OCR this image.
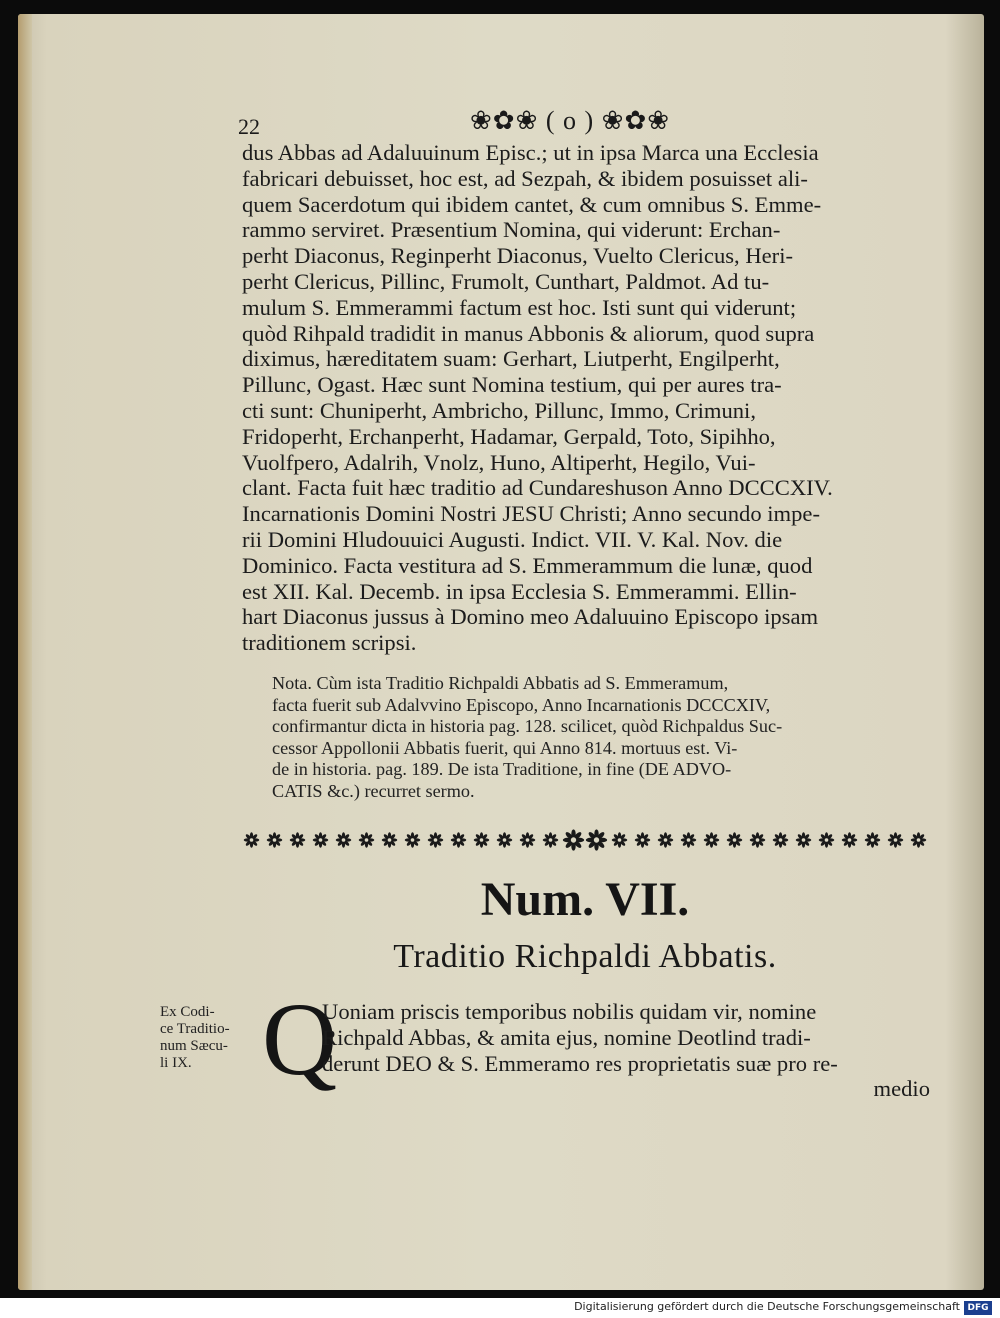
22	❀✿❀ ( o ) ❀✿❀

dus Abbas ad Adaluuinum Episc.; ut in ipsa Marca una Ecclesia

fabricari debuisset, hoc est, ad Sezpah, & ibidem posuisset ali-

quem Sacerdotum qui ibidem cantet, & cum omnibus S. Emme-

rammo serviret. Præsentium Nomina, qui viderunt: Erchan-

perht Diaconus, Reginperht Diaconus, Vuelto Clericus, Heri-

perht Clericus, Pillinc, Frumolt, Cunthart, Paldmot. Ad tu-

mulum S. Emmerammi factum est hoc. Isti sunt qui viderunt;

quòd Rihpald tradidit in manus Abbonis & aliorum, quod supra

diximus, hæreditatem suam: Gerhart, Liutperht, Engilperht,

Pillunc, Ogast. Hæc sunt Nomina testium, qui per aures tra-

cti sunt: Chuniperht, Ambricho, Pillunc, Immo, Crimuni,

Fridoperht, Erchanperht, Hadamar, Gerpald, Toto, Sipihho,

Vuolfpero, Adalrih, Vnolz, Huno, Altiperht, Hegilo, Vui-

clant. Facta fuit hæc traditio ad Cundareshuson Anno DCCCXIV.

Incarnationis Domini Nostri JESU Christi; Anno secundo impe-

rii Domini Hludouuici Augusti. Indict. VII. V. Kal. Nov. die

Dominico. Facta vestitura ad S. Emmerammum die lunæ, quod

est XII. Kal. Decemb. in ipsa Ecclesia S. Emmerammi. Ellin-

hart Diaconus jussus à Domino meo Adaluuino Episcopo ipsam

traditionem scripsi.

Nota. Cùm ista Traditio Richpaldi Abbatis ad S. Emmeramum,

facta fuerit sub Adalvvino Episcopo, Anno Incarnationis DCCCXIV,

confirmantur dicta in historia pag. 128. scilicet, quòd Richpaldus Suc-

cessor Appollonii Abbatis fuerit, qui Anno 814. mortuus est. Vi-

de in historia. pag. 189. De ista Traditione, in fine (DE ADVO-

CATIS &c.) recurret sermo.

Num. VII.
Traditio Richpaldi Abbatis.
Ex Codi-
ce Traditio-
num Sæcu-
li IX. Q

Uoniam priscis temporibus nobilis quidam vir, nomine

Richpald Abbas, & amita ejus, nomine Deotlind tradi-

derunt DEO & S. Emmeramo res proprietatis suæ pro re-

medio
Digitalisierung gefördert durch die Deutsche Forschungsgemeinschaft DFG
